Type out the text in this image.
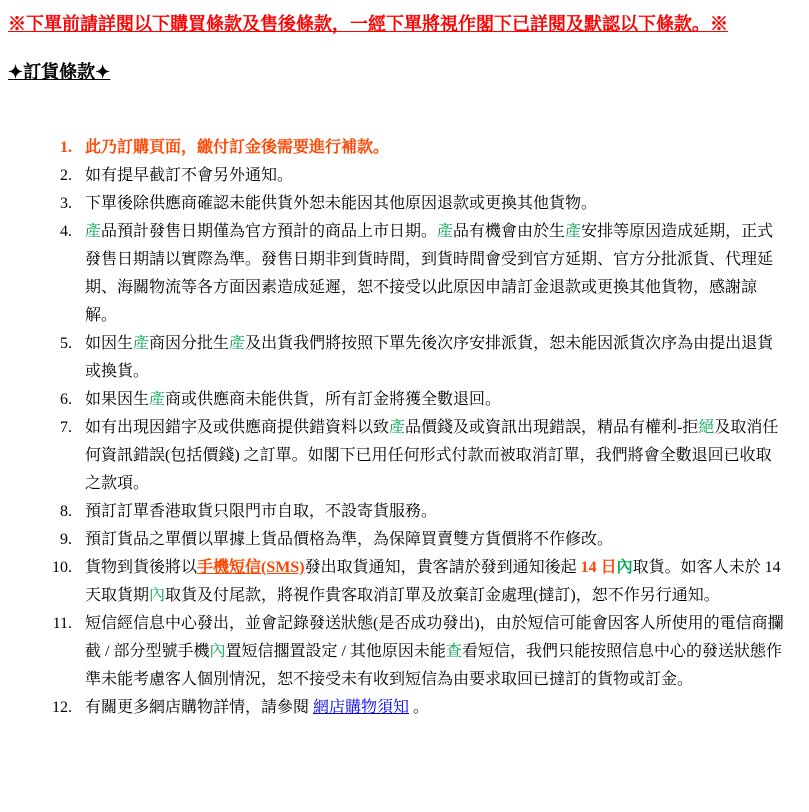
※下單前請詳閱以下購買條款及售後條款，一經下單將視作閣下已詳閱及默認以下條款。※
✦訂貨條款✦
1. 此乃訂購頁面，繳付訂金後需要進行補款。
2. 如有提早截訂不會另外通知。
3. 下單後除供應商確認未能供貨外恕未能因其他原因退款或更換其他貨物。
4. 產品預計發售日期僅為官方預計的商品上市日期。產品有機會由於生產安排等原因造成延期，正式發售日期請以實際為準。發售日期非到貨時間，到貨時間會受到官方延期、官方分批派貨、代理延期、海關物流等各方面因素造成延遲，恕不接受以此原因申請訂金退款或更換其他貨物，感謝諒解。
5. 如因生產商因分批生產及出貨我們將按照下單先後次序安排派貨，恕未能因派貨次序為由提出退貨或換貨。
6. 如果因生產商或供應商未能供貨，所有訂金將獲全數退回。
7. 如有出現因錯字及或供應商提供錯資料以致產品價錢及或資訊出現錯誤，精品有權利-拒絕及取消任何資訊錯誤(包括價錢) 之訂單。如閣下已用任何形式付款而被取消訂單，我們將會全數退回已收取之款項。
8. 預訂訂單香港取貨只限門市自取，不設寄貨服務。
9. 預訂貨品之單價以單據上貨品價格為準，為保障買賣雙方貨價將不作修改。
10. 貨物到貨後將以手機短信(SMS)發出取貨通知，貴客請於發到通知後起 14 日內取貨。如客人未於 14 天取貨期內取貨及付尾款，將視作貴客取消訂單及放棄訂金處理(撻訂)，恕不作另行通知。
11. 短信經信息中心發出，並會記錄發送狀態(是否成功發出)，由於短信可能會因客人所使用的電信商攔截 / 部分型號手機內置短信擱置設定 / 其他原因未能查看短信，我們只能按照信息中心的發送狀態作準未能考慮客人個別情況，恕不接受未有收到短信為由要求取回已撻訂的貨物或訂金。
12. 有關更多網店購物詳情，請參閱 網店購物須知 。
